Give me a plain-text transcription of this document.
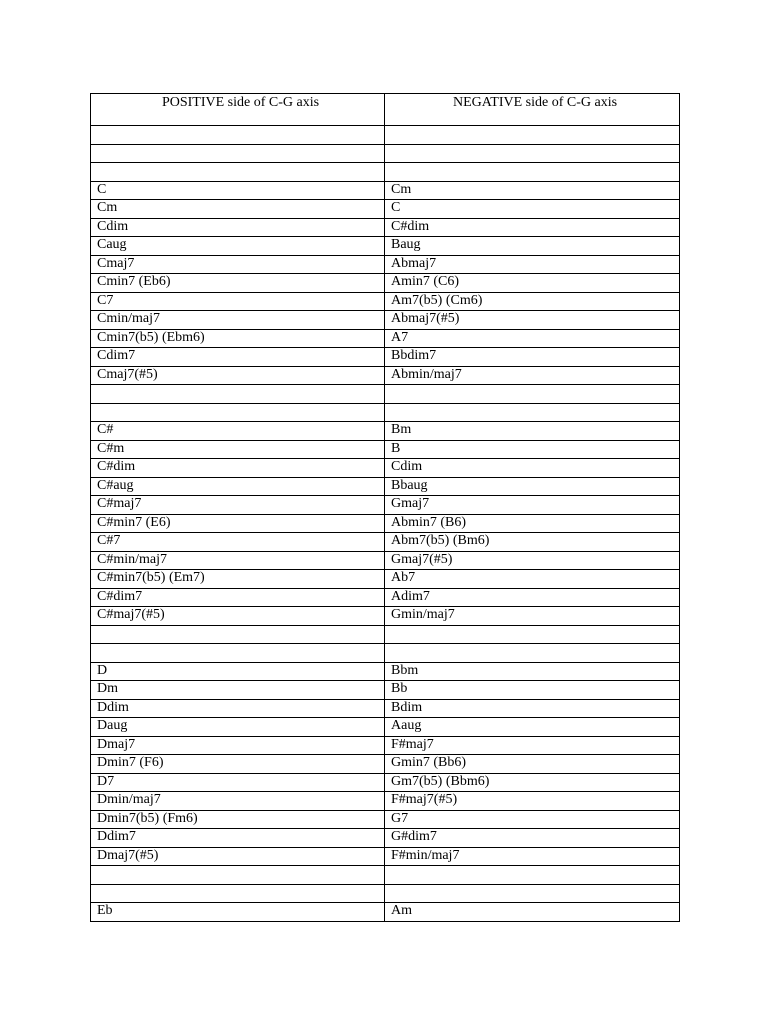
POSITIVE side of C-G axis	NEGATIVE side of C-G axis

C	Cm
Cm	C
Cdim	C#dim
Caug	Baug
Cmaj7	Abmaj7
Cmin7 (Eb6)	Amin7 (C6)
C7	Am7(b5) (Cm6)
Cmin/maj7	Abmaj7(#5)
Cmin7(b5) (Ebm6)	A7
Cdim7	Bbdim7
Cmaj7(#5)	Abmin/maj7

C#	Bm
C#m	B
C#dim	Cdim
C#aug	Bbaug
C#maj7	Gmaj7
C#min7 (E6)	Abmin7 (B6)
C#7	Abm7(b5) (Bm6)
C#min/maj7	Gmaj7(#5)
C#min7(b5) (Em7)	Ab7
C#dim7	Adim7
C#maj7(#5)	Gmin/maj7

D	Bbm
Dm	Bb
Ddim	Bdim
Daug	Aaug
Dmaj7	F#maj7
Dmin7 (F6)	Gmin7 (Bb6)
D7	Gm7(b5) (Bbm6)
Dmin/maj7	F#maj7(#5)
Dmin7(b5) (Fm6)	G7
Ddim7	G#dim7
Dmaj7(#5)	F#min/maj7

Eb	Am
